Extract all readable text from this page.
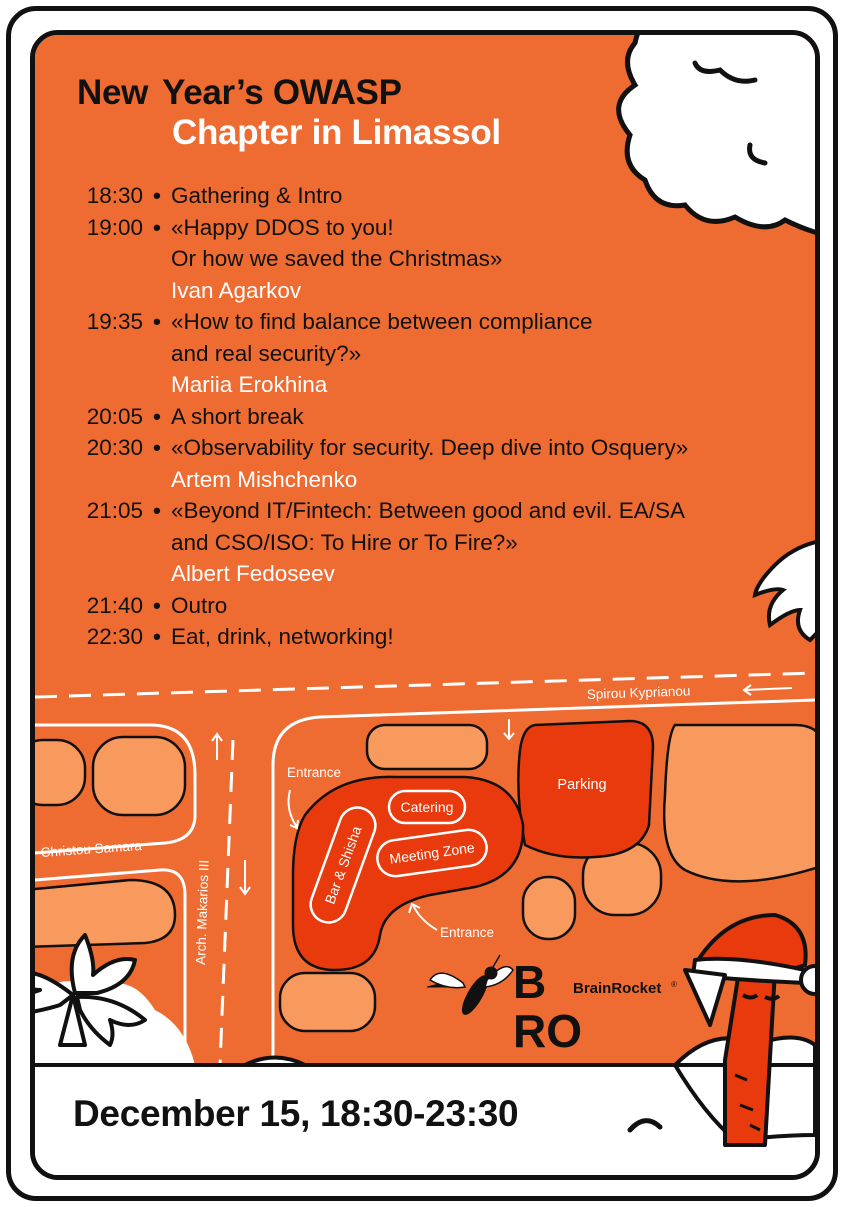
Parking
Catering
Meeting Zone
Bar & Shisha
Spirou Kyprianou
Christou Samara
Arch. Makarios III
Entrance
Entrance
B
RO
BrainRocket ®
New Year’s OWASP
Chapter in Limassol
18:30 • Gathering & Intro
19:00 • «Happy DDOS to you!
Or how we saved the Christmas»
Ivan Agarkov
19:35 • «How to find balance between compliance
and real security?»
Mariia Erokhina
20:05 • A short break
20:30 • «Observability for security. Deep dive into Osquery»
Artem Mishchenko
21:05 • «Beyond IT/Fintech: Between good and evil. EA/SA
and CSO/ISO: To Hire or To Fire?»
Albert Fedoseev
21:40 • Outro
22:30 • Eat, drink, networking!
December 15, 18:30-23:30
